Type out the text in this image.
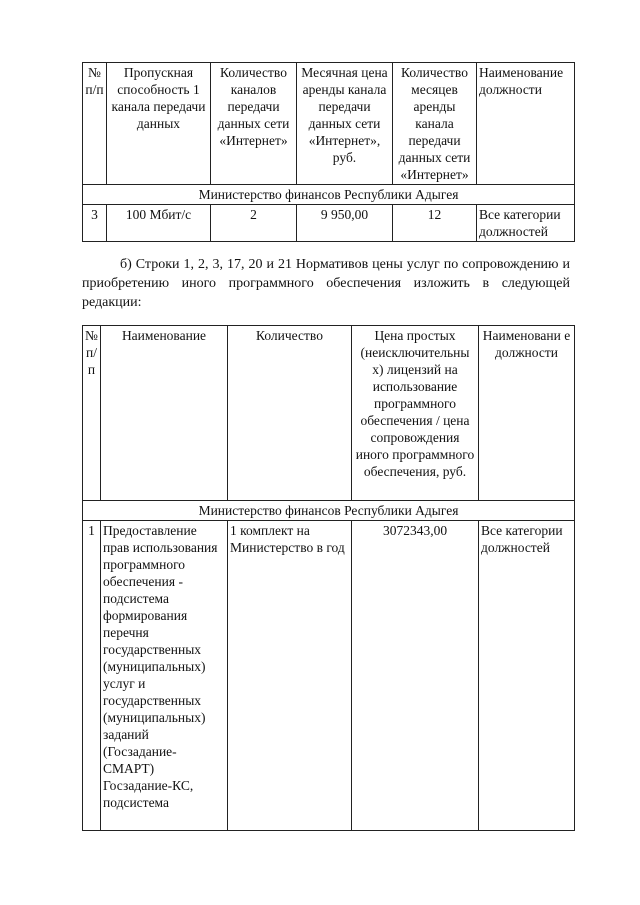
№ п/п	Пропускная способность 1 канала передачи данных	Количество каналов передачи данных сети «Интернет»	Месячная цена аренды канала передачи данных сети «Интернет», руб.	Количество месяцев аренды канала передачи данных сети «Интернет»	Наименование должности
Министерство финансов Республики Адыгея					
3	100 Мбит/с	2	9 950,00	12	Все категории должностей
б) Строки 1, 2, 3, 17, 20 и 21 Нормативов цены услуг по сопровождению и приобретению иного программного обеспечения изложить в следующей редакции:
№ п/п	Наименование	Количество	Цена простых (неисключительны х) лицензий на использование программного обеспечения / цена сопровождения иного программного обеспечения, руб.	Наименовани е должности
Министерство финансов Республики Адыгея				
1	Предоставление прав использования программного обеспечения - подсистема формирования перечня государственных (муниципальных) услуг и государственных (муниципальных) заданий (Госзадание-СМАРТ) Госзадание-КС, подсистема	1 комплект на Министерство в год	3072343,00	Все категории должностей
